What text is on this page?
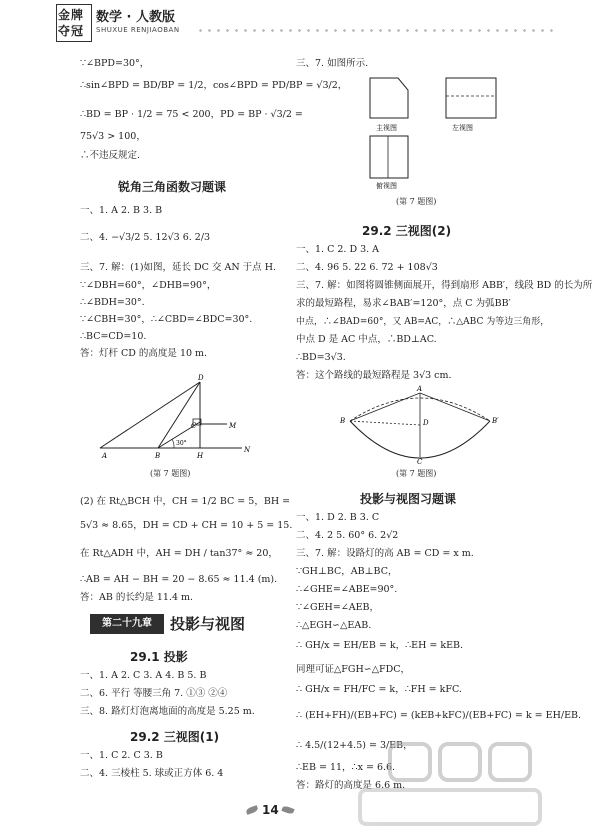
金牌
夺冠
数学 · 人教版
SHUXUE RENJIAOBAN
∵∠BPD=30°，
∴sin∠BPD = BD/BP = 1/2，cos∠BPD = PD/BP = √3/2，
∴BD = BP · 1/2 = 75 < 200，PD = BP · √3/2 =
75√3 > 100，
∴不违反规定.
锐角三角函数习题课
一、1. A 2. B 3. B
二、4. −√3/2 5. 12√3 6. 2/3
三、7. 解：(1)如图，延长 DC 交 AN 于点 H.
∵∠DBH=60°，∠DHB=90°，
∴∠BDH=30°.
∵∠CBH=30°，∴∠CBD=∠BDC=30°.
∴BC=CD=10.
答：灯杆 CD 的高度是 10 m.
D
C	M
A	B	H
N
30°
(第 7 题图)
(2) 在 Rt△BCH 中，CH = 1/2 BC = 5，BH =
5√3 ≈ 8.65，DH = CD + CH = 10 + 5 = 15.
在 Rt△ADH 中，AH = DH / tan37° ≈ 20，
∴AB = AH − BH = 20 − 8.65 ≈ 11.4 (m).
答：AB 的长约是 11.4 m.
第二十九章	投影与视图
29.1 投影
一、1. A 2. C 3. A 4. B 5. B
二、6. 平行 等腰三角 7. ①③ ②④
三、8. 路灯灯泡离地面的高度是 5.25 m.
29.2 三视图(1)
一、1. C 2. C 3. B
二、4. 三棱柱 5. 球或正方体 6. 4
三、7. 如图所示.
主视图	左视图
俯视图
(第 7 题图)
29.2 三视图(2)
一、1. C 2. D 3. A
二、4. 96 5. 22 6. 72 + 108√3
三、7. 解：如图将圆锥侧面展开，得到扇形 ABB′，线段 BD 的长为所
求的最短路程，易求∠BAB′=120°，点 C 为弧BB′
中点，∴∠BAD=60°，又 AB=AC，∴△ABC 为等边三角形，
中点 D 是 AC 中点，∴BD⊥AC.
∴BD=3√3.
答：这个路线的最短路程是 3√3 cm.
A
B	B′
D
C
(第 7 题图)
投影与视图习题课
一、1. D 2. B 3. C
二、4. 2 5. 60° 6. 2√2
三、7. 解：设路灯的高 AB = CD = x m.
∵GH⊥BC，AB⊥BC，
∴∠GHE=∠ABE=90°.
∵∠GEH=∠AEB，
∴△EGH∽△EAB.
∴ GH/x = EH/EB = k，∴EH = kEB.
同理可证△FGH∽△FDC，
∴ GH/x = FH/FC = k，∴FH = kFC.
∴ (EH+FH)/(EB+FC) = (kEB+kFC)/(EB+FC) = k = EH/EB.
∴ 4.5/(12+4.5) = 3/EB，
∴EB = 11，∴x = 6.6.
答：路灯的高度是 6.6 m.
14
